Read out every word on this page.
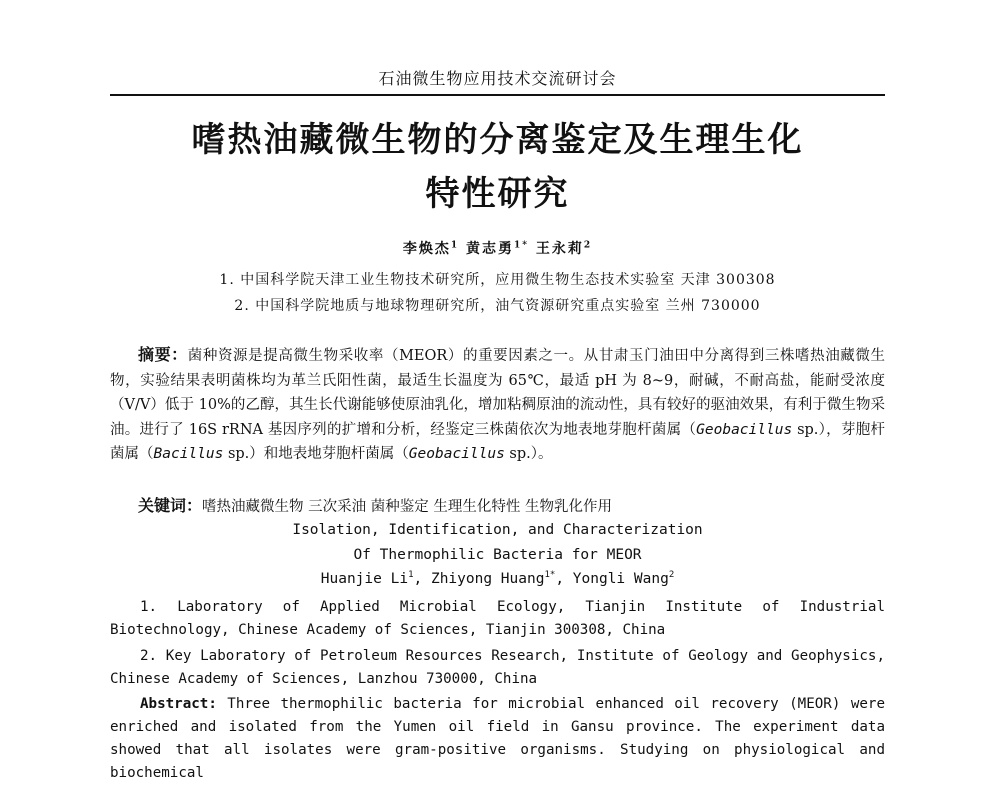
石油微生物应用技术交流研讨会
嗜热油藏微生物的分离鉴定及生理生化
特性研究
李焕杰$^1$ 黄志勇$^{1*}$ 王永莉$^2$
1. 中国科学院天津工业生物技术研究所，应用微生物生态技术实验室 天津 300308
2. 中国科学院地质与地球物理研究所，油气资源研究重点实验室 兰州 730000
摘要：菌种资源是提高微生物采收率（MEOR）的重要因素之一。从甘肃玉门油田中分离得到三株嗜热油藏微生物，实验结果表明菌株均为革兰氏阳性菌，最适生长温度为 65℃，最适 pH 为 8~9，耐碱，不耐高盐，能耐受浓度（V/V）低于 10%的乙醇，其生长代谢能够使原油乳化，增加粘稠原油的流动性，具有较好的驱油效果，有利于微生物采油。进行了 16S rRNA 基因序列的扩增和分析，经鉴定三株菌依次为地表地芽胞杆菌属（Geobacillus sp.），芽胞杆菌属（Bacillus sp.）和地表地芽胞杆菌属（Geobacillus sp.）。
关键词：嗜热油藏微生物 三次采油 菌种鉴定 生理生化特性 生物乳化作用
Isolation, Identification, and Characterization
Of Thermophilic Bacteria for MEOR
Huanjie Li$^1$, Zhiyong Huang$^{1*}$, Yongli Wang$^2$
1. Laboratory of Applied Microbial Ecology, Tianjin Institute of Industrial Biotechnology, Chinese Academy of Sciences, Tianjin 300308, China
2. Key Laboratory of Petroleum Resources Research, Institute of Geology and Geophysics, Chinese Academy of Sciences, Lanzhou 730000, China
Abstract: Three thermophilic bacteria for microbial enhanced oil recovery (MEOR) were enriched and isolated from the Yumen oil field in Gansu province. The experiment data showed that all isolates were gram-positive organisms. Studying on physiological and biochemical
